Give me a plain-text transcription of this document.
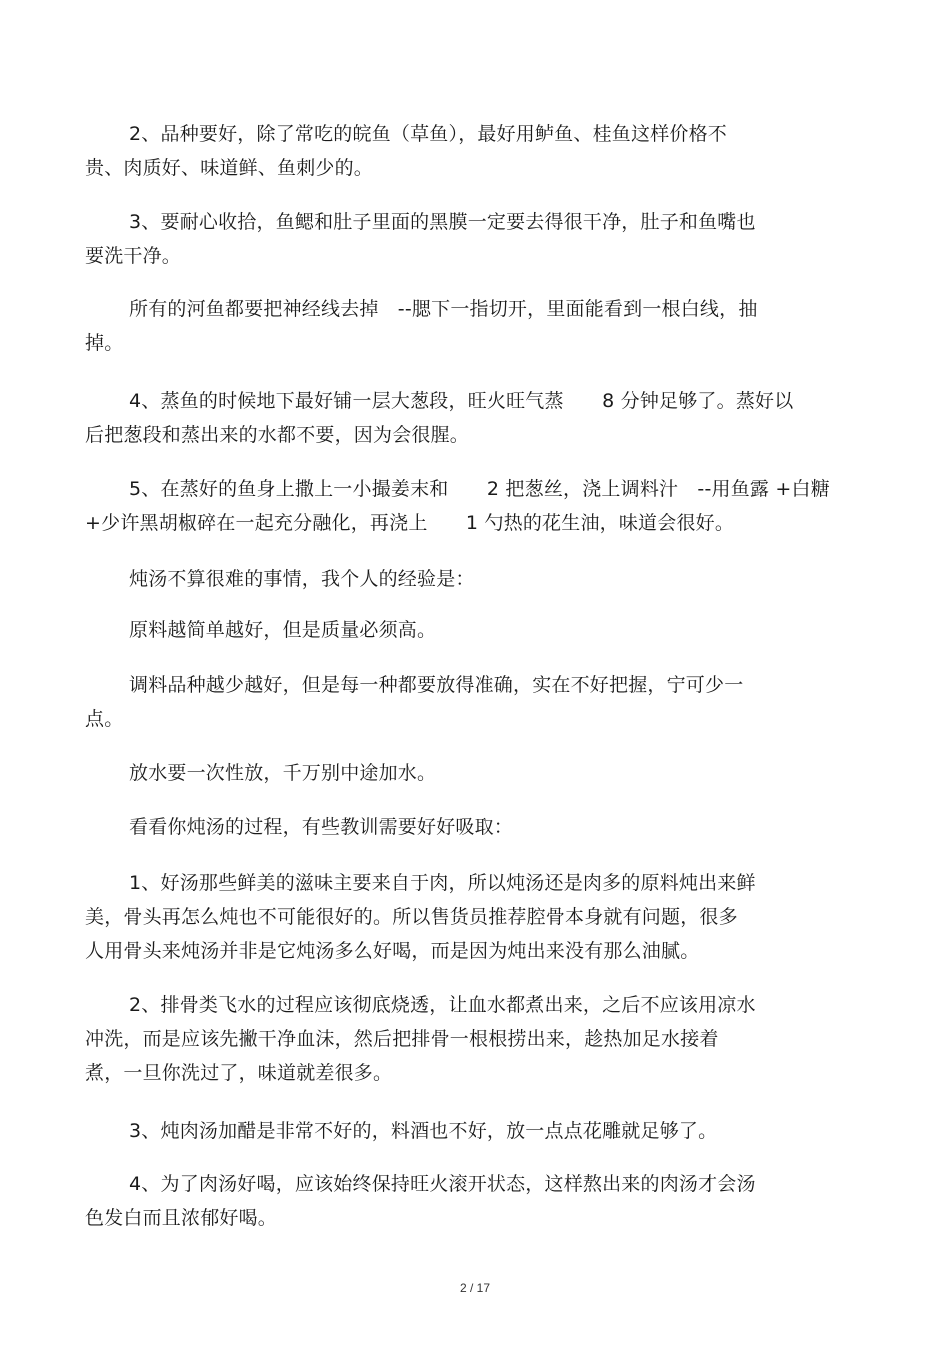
2、品种要好，除了常吃的皖鱼（草鱼），最好用鲈鱼、桂鱼这样价格不
贵、肉质好、味道鲜、鱼刺少的。

3、要耐心收拾，鱼鳃和肚子里面的黑膜一定要去得很干净，肚子和鱼嘴也
要洗干净。

所有的河鱼都要把神经线去掉　--腮下一指切开，里面能看到一根白线，抽
掉。

4、蒸鱼的时候地下最好铺一层大葱段，旺火旺气蒸　　8 分钟足够了。蒸好以
后把葱段和蒸出来的水都不要，因为会很腥。

5、在蒸好的鱼身上撒上一小撮姜末和　　2 把葱丝，浇上调料汁　--用鱼露 +白糖
+少许黑胡椒碎在一起充分融化，再浇上　　1 勺热的花生油，味道会很好。

炖汤不算很难的事情，我个人的经验是：

原料越简单越好，但是质量必须高。

调料品种越少越好，但是每一种都要放得准确，实在不好把握，宁可少一
点。

放水要一次性放，千万别中途加水。

看看你炖汤的过程，有些教训需要好好吸取：

1、好汤那些鲜美的滋味主要来自于肉，所以炖汤还是肉多的原料炖出来鲜
美，骨头再怎么炖也不可能很好的。所以售货员推荐腔骨本身就有问题，很多
人用骨头来炖汤并非是它炖汤多么好喝，而是因为炖出来没有那么油腻。

2、排骨类飞水的过程应该彻底烧透，让血水都煮出来，之后不应该用凉水
冲洗，而是应该先撇干净血沫，然后把排骨一根根捞出来，趁热加足水接着
煮，一旦你洗过了，味道就差很多。

3、炖肉汤加醋是非常不好的，料酒也不好，放一点点花雕就足够了。

4、为了肉汤好喝，应该始终保持旺火滚开状态，这样熬出来的肉汤才会汤
色发白而且浓郁好喝。

2 / 17
